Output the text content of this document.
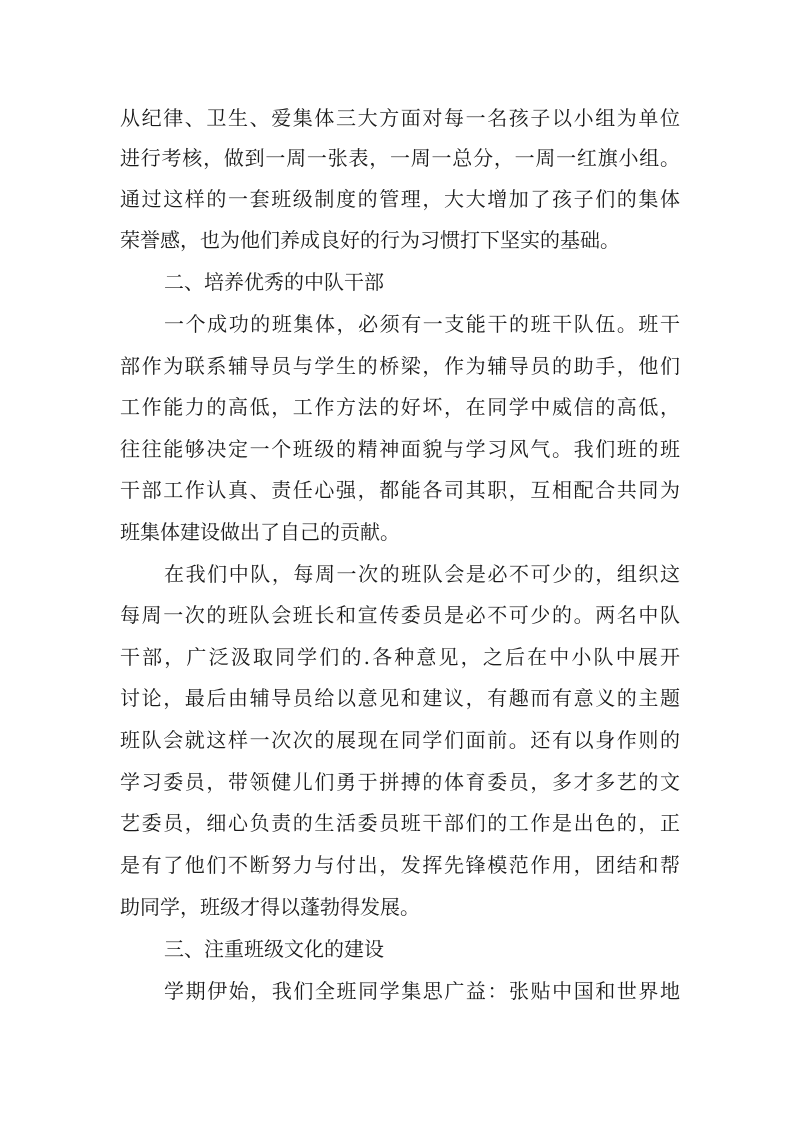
从纪律、卫生、爱集体三大方面对每一名孩子以小组为单位
进行考核，做到一周一张表，一周一总分，一周一红旗小组。
通过这样的一套班级制度的管理，大大增加了孩子们的集体
荣誉感，也为他们养成良好的行为习惯打下坚实的基础。
二、培养优秀的中队干部
一个成功的班集体，必须有一支能干的班干队伍。班干
部作为联系辅导员与学生的桥梁，作为辅导员的助手，他们
工作能力的高低，工作方法的好坏，在同学中威信的高低，
往往能够决定一个班级的精神面貌与学习风气。我们班的班
干部工作认真、责任心强，都能各司其职，互相配合共同为
班集体建设做出了自己的贡献。
在我们中队，每周一次的班队会是必不可少的，组织这
每周一次的班队会班长和宣传委员是必不可少的。两名中队
干部，广泛汲取同学们的.各种意见，之后在中小队中展开
讨论，最后由辅导员给以意见和建议，有趣而有意义的主题
班队会就这样一次次的展现在同学们面前。还有以身作则的
学习委员，带领健儿们勇于拼搏的体育委员，多才多艺的文
艺委员，细心负责的生活委员班干部们的工作是出色的，正
是有了他们不断努力与付出，发挥先锋模范作用，团结和帮
助同学，班级才得以蓬勃得发展。
三、注重班级文化的建设
学期伊始，我们全班同学集思广益：张贴中国和世界地
